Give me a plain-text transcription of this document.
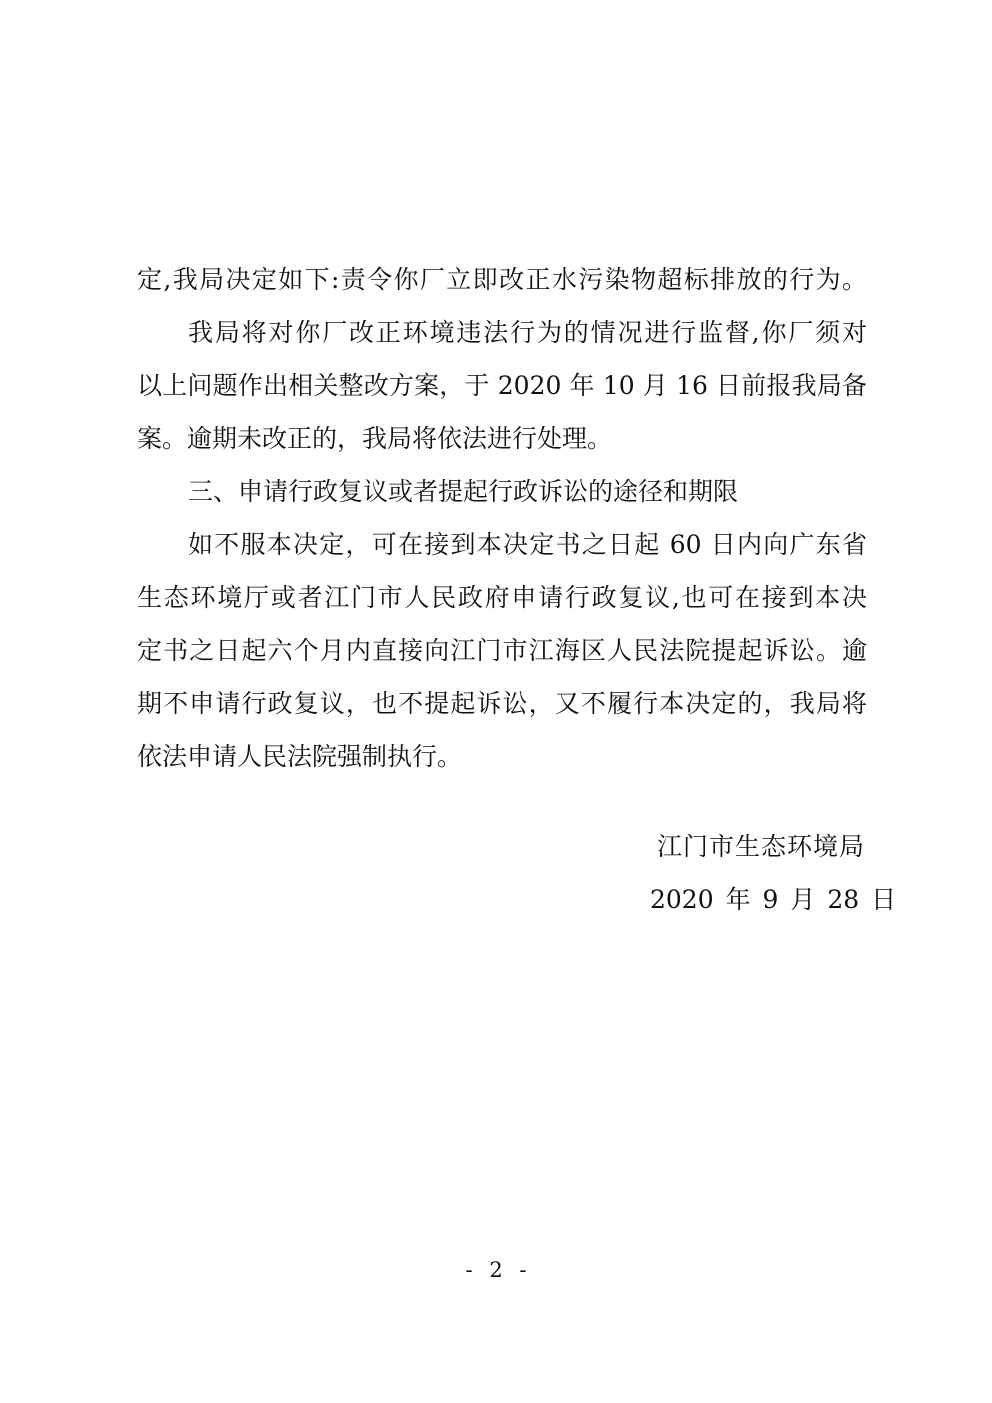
定,我局决定如下:责令你厂立即改正水污染物超标排放的行为。
我局将对你厂改正环境违法行为的情况进行监督,你厂须对
以上问题作出相关整改方案，于 2020 年 10 月 16 日前报我局备
案。逾期未改正的，我局将依法进行处理。
三、申请行政复议或者提起行政诉讼的途径和期限
如不服本决定，可在接到本决定书之日起 60 日内向广东省
生态环境厅或者江门市人民政府申请行政复议,也可在接到本决
定书之日起六个月内直接向江门市江海区人民法院提起诉讼。逾
期不申请行政复议，也不提起诉讼，又不履行本决定的，我局将
依法申请人民法院强制执行。
江门市生态环境局
2020 年 9 月 28 日
- 2 -
